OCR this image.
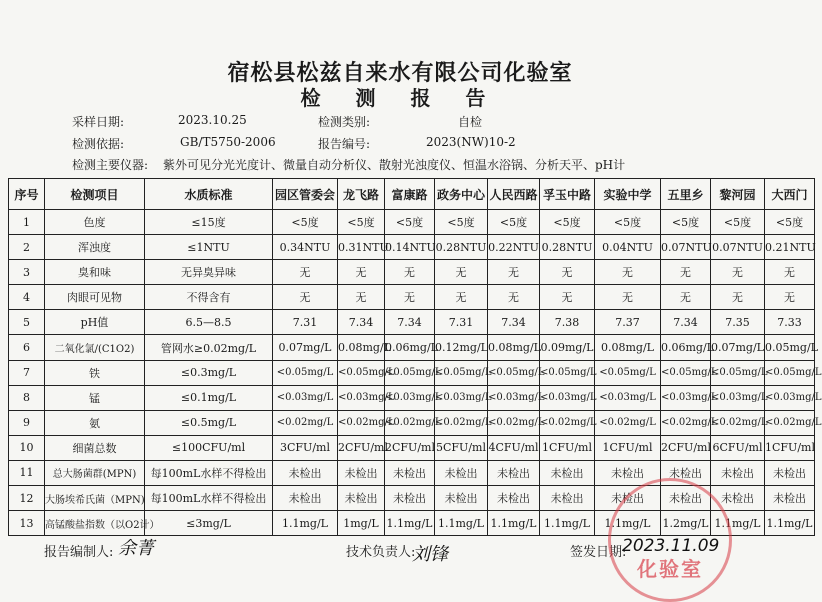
宿松县松兹自来水有限公司化验室
检 测 报 告
采样日期:	2023.10.25	检测类别:	自检
检测依据:	GB/T5750-2006	报告编号:	2023(NW)10-2
检测主要仪器: 紫外可见分光光度计、微量自动分析仪、散射光浊度仪、恒温水浴锅、分析天平、pH计
序号	检测项目	水质标准	园区管委会	龙飞路	富康路	政务中心	人民西路	孚玉中路	实验中学	五里乡	黎河园	大西门
1	色度	≤15度	<5度	<5度	<5度	<5度	<5度	<5度	<5度	<5度	<5度	<5度
2	浑浊度	≤1NTU	0.34NTU	0.31NTU	0.14NTU	0.28NTU	0.22NTU	0.28NTU	0.04NTU	0.07NTU	0.07NTU	0.21NTU
3	臭和味	无异臭异味	无	无	无	无	无	无	无	无	无	无
4	肉眼可见物	不得含有	无	无	无	无	无	无	无	无	无	无
5	pH值	6.5—8.5	7.31	7.34	7.34	7.31	7.34	7.38	7.37	7.34	7.35	7.33
6	二氧化氯/(C1O2)	管网水≥0.02mg/L	0.07mg/L	0.08mg/L	0.06mg/L	0.12mg/L	0.08mg/L	0.09mg/L	0.08mg/L	0.06mg/L	0.07mg/L	0.05mg/L
7	铁	≤0.3mg/L	<0.05mg/L	<0.05mg/L	<0.05mg/L	<0.05mg/L	<0.05mg/L	<0.05mg/L	<0.05mg/L	<0.05mg/L	<0.05mg/L	<0.05mg/L
8	锰	≤0.1mg/L	<0.03mg/L	<0.03mg/L	<0.03mg/L	<0.03mg/L	<0.03mg/L	<0.03mg/L	<0.03mg/L	<0.03mg/L	<0.03mg/L	<0.03mg/L
9	氨	≤0.5mg/L	<0.02mg/L	<0.02mg/L	<0.02mg/L	<0.02mg/L	<0.02mg/L	<0.02mg/L	<0.02mg/L	<0.02mg/L	<0.02mg/L	<0.02mg/L
10	细菌总数	≤100CFU/ml	3CFU/ml	2CFU/ml	2CFU/ml	5CFU/ml	4CFU/ml	1CFU/ml	1CFU/ml	2CFU/ml	6CFU/ml	1CFU/ml
11	总大肠菌群(MPN)	每100mL水样不得检出	未检出	未检出	未检出	未检出	未检出	未检出	未检出	未检出	未检出	未检出
12	大肠埃希氏菌（MPN)	每100mL水样不得检出	未检出	未检出	未检出	未检出	未检出	未检出	未检出	未检出	未检出	未检出
13	高锰酸盐指数（以O2计）	≤3mg/L	1.1mg/L	1mg/L	1.1mg/L	1.1mg/L	1.1mg/L	1.1mg/L	1.1mg/L	1.2mg/L	1.1mg/L	1.1mg/L
报告编制人: 余菁	技术负责人:
刘锋	签发日期:
2023.11.09
化验室
